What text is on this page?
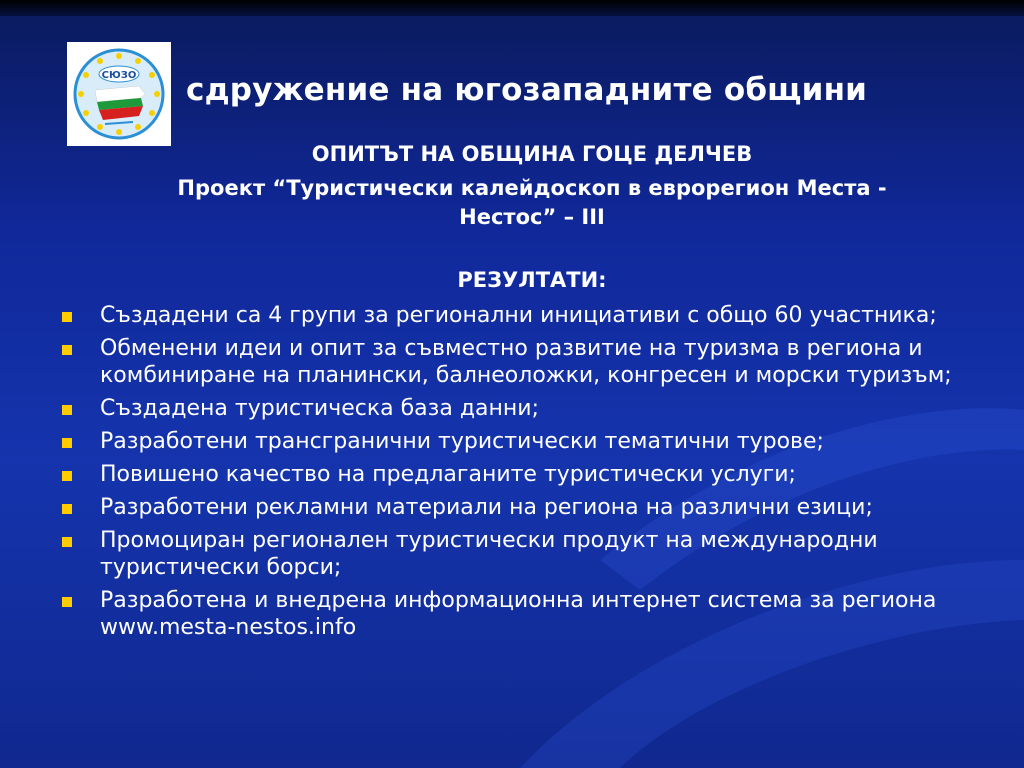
СЮЗО сдружение на югозападните общини
ОПИТЪТ НА ОБЩИНА ГОЦЕ ДЕЛЧЕВ
Проект “Туристически калейдоскоп в еврорегион Места -
Нестос” – III
РЕЗУЛТАТИ:
Създадени са 4 групи за регионални инициативи с общо 60 участника;
Обменени идеи и опит за съвместно развитие на туризма в региона и комбиниране на планински, балнеоложки, конгресен и морски туризъм;
Създадена туристическа база данни;
Разработени трансгранични туристически тематични турове;
Повишено качество на предлаганите туристически услуги;
Разработени рекламни материали на региона на различни езици;
Промоциран регионален туристически продукт на международни туристически борси;
Разработена и внедрена информационна интернет система за региона www.mesta-nestos.info
